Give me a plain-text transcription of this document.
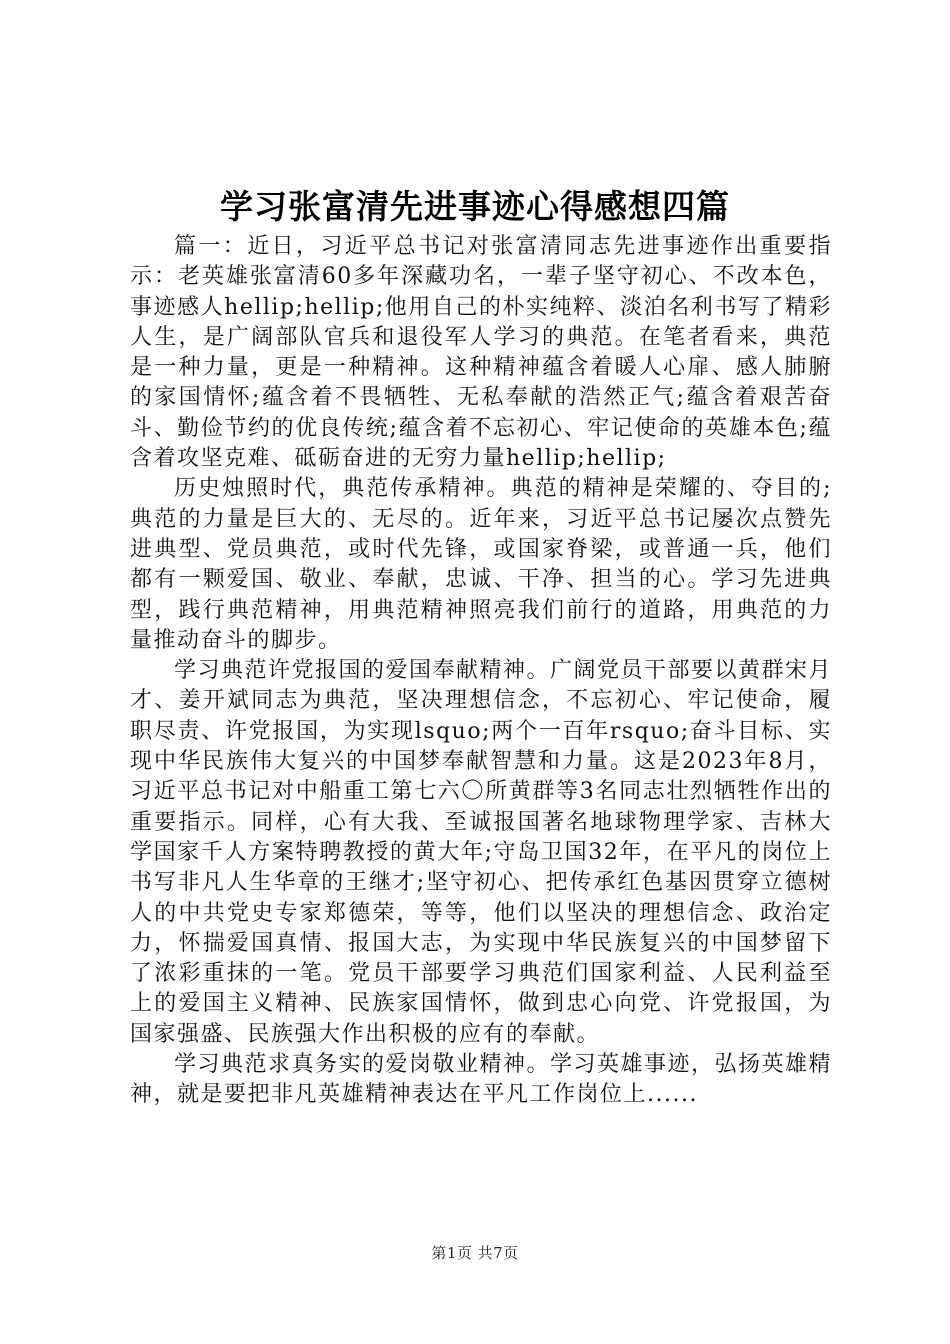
学习张富清先进事迹心得感想四篇

篇一：近日，习近平总书记对张富清同志先进事迹作出重要指示：老英雄张富清60多年深藏功名，一辈子坚守初心、不改本色，事迹感人hellip;hellip;他用自己的朴实纯粹、淡泊名利书写了精彩人生，是广阔部队官兵和退役军人学习的典范。在笔者看来，典范是一种力量，更是一种精神。这种精神蕴含着暖人心扉、感人肺腑的家国情怀;蕴含着不畏牺牲、无私奉献的浩然正气;蕴含着艰苦奋斗、勤俭节约的优良传统;蕴含着不忘初心、牢记使命的英雄本色;蕴含着攻坚克难、砥砺奋进的无穷力量hellip;hellip;

历史烛照时代，典范传承精神。典范的精神是荣耀的、夺目的;典范的力量是巨大的、无尽的。近年来，习近平总书记屡次点赞先进典型、党员典范，或时代先锋，或国家脊梁，或普通一兵，他们都有一颗爱国、敬业、奉献，忠诚、干净、担当的心。学习先进典型，践行典范精神，用典范精神照亮我们前行的道路，用典范的力量推动奋斗的脚步。

学习典范许党报国的爱国奉献精神。广阔党员干部要以黄群宋月才、姜开斌同志为典范，坚决理想信念，不忘初心、牢记使命，履职尽责、许党报国，为实现lsquo;两个一百年rsquo;奋斗目标、实现中华民族伟大复兴的中国梦奉献智慧和力量。这是2023年8月，习近平总书记对中船重工第七六〇所黄群等3名同志壮烈牺牲作出的重要指示。同样，心有大我、至诚报国著名地球物理学家、吉林大学国家千人方案特聘教授的黄大年;守岛卫国32年，在平凡的岗位上书写非凡人生华章的王继才;坚守初心、把传承红色基因贯穿立德树人的中共党史专家郑德荣，等等，他们以坚决的理想信念、政治定力，怀揣爱国真情、报国大志，为实现中华民族复兴的中国梦留下了浓彩重抹的一笔。党员干部要学习典范们国家利益、人民利益至上的爱国主义精神、民族家国情怀，做到忠心向党、许党报国，为国家强盛、民族强大作出积极的应有的奉献。

学习典范求真务实的爱岗敬业精神。学习英雄事迹，弘扬英雄精神，就是要把非凡英雄精神表达在平凡工作岗位上......

第1页 共7页
